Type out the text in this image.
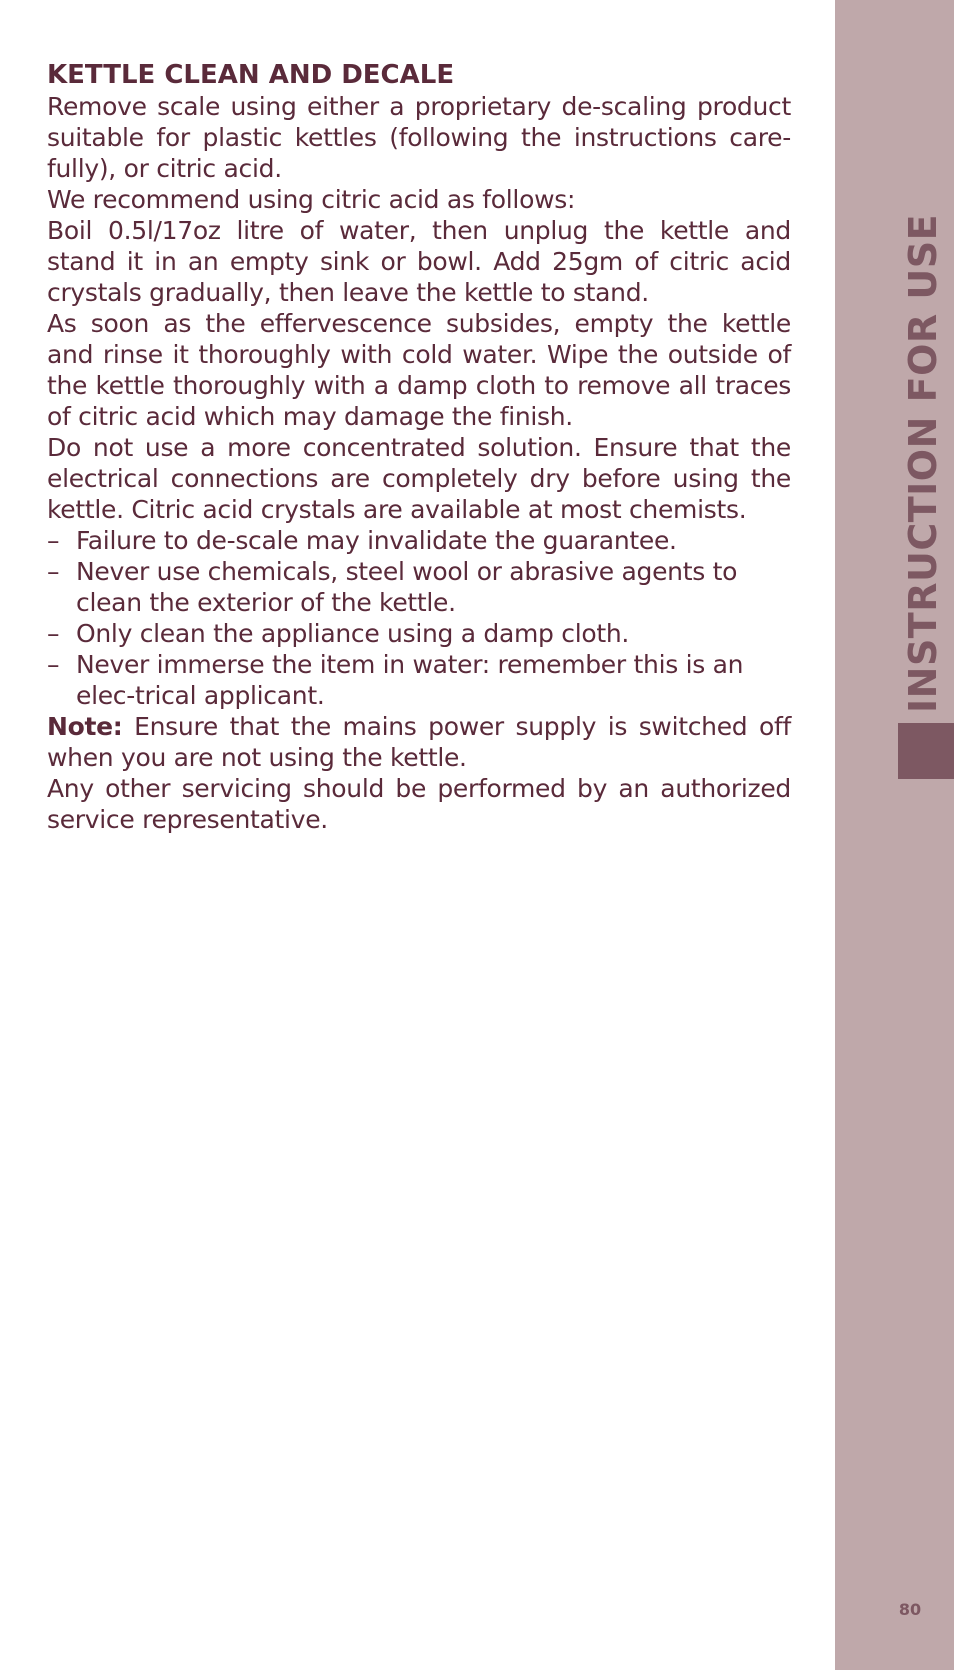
KETTLE CLEAN AND DECALE

Remove scale using either a proprietary de-scaling product suitable for plastic kettles (following the instructions care-fully), or citric acid.

We recommend using citric acid as follows:

Boil 0.5l/17oz litre of water, then unplug the kettle and stand it in an empty sink or bowl. Add 25gm of citric acid crystals gradually, then leave the kettle to stand.

As soon as the effervescence subsides, empty the kettle and rinse it thoroughly with cold water. Wipe the outside of the kettle thoroughly with a damp cloth to remove all traces of citric acid which may damage the finish.

Do not use a more concentrated solution. Ensure that the electrical connections are completely dry before using the kettle. Citric acid crystals are available at most chemists.

– Failure to de-scale may invalidate the guarantee.
– Never use chemicals, steel wool or abrasive agents to clean the exterior of the kettle.
– Only clean the appliance using a damp cloth.
– Never immerse the item in water: remember this is an elec-trical applicant.

Note: Ensure that the mains power supply is switched off when you are not using the kettle.

Any other servicing should be performed by an authorized service representative.

INSTRUCTION FOR USE
80
